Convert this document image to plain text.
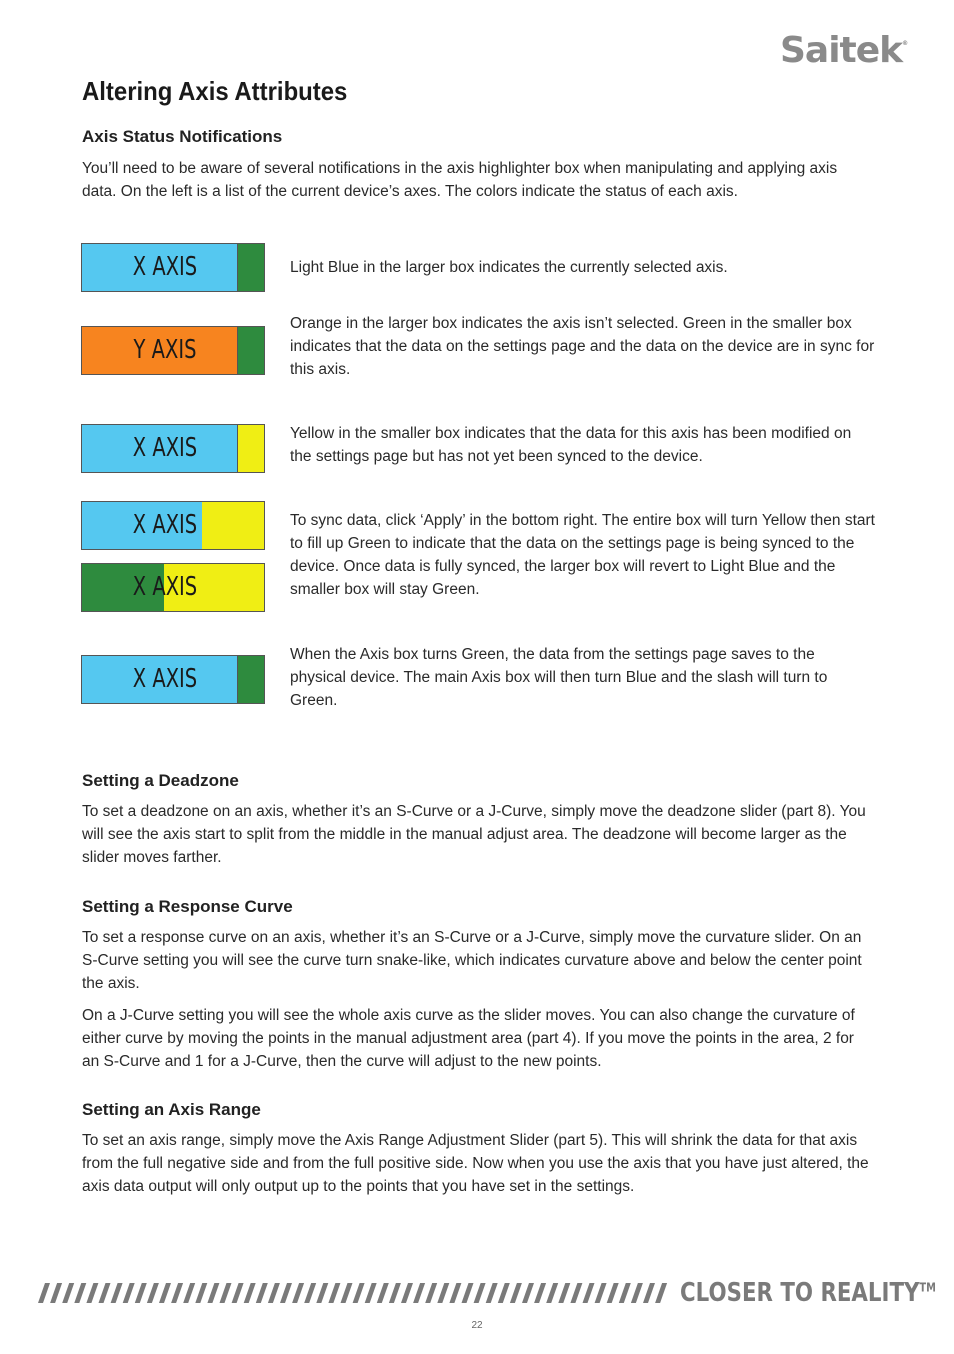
Saitek®
Altering Axis Attributes
Axis Status Notifications

You’ll need to be aware of several notifications in the axis highlighter box when manipulating and applying axis data. On the left is a list of the current device’s axes. The colors indicate the status of each axis.

X AXIS
Y AXIS
X AXIS
X AXIS
X AXIS
X AXIS

Light Blue in the larger box indicates the currently selected axis.

Orange in the larger box indicates the axis isn’t selected. Green in the smaller box indicates that the data on the settings page and the data on the device are in sync for this axis.

Yellow in the smaller box indicates that the data for this axis has been modified on the settings page but has not yet been synced to the device.

To sync data, click ‘Apply’ in the bottom right. The entire box will turn Yellow then start to fill up Green to indicate that the data on the settings page is being synced to the device. Once data is fully synced, the larger box will revert to Light Blue and the smaller box will stay Green.

When the Axis box turns Green, the data from the settings page saves to the physical device. The main Axis box will then turn Blue and the slash will turn to Green.

Setting a Deadzone

To set a deadzone on an axis, whether it’s an S-Curve or a J-Curve, simply move the deadzone slider (part 8). You will see the axis start to split from the middle in the manual adjust area. The deadzone will become larger as the slider moves farther.

Setting a Response Curve

To set a response curve on an axis, whether it’s an S-Curve or a J-Curve, simply move the curvature slider. On an S-Curve setting you will see the curve turn snake-like, which indicates curvature above and below the center point the axis.

On a J-Curve setting you will see the whole axis curve as the slider moves. You can also change the curvature of either curve by moving the points in the manual adjustment area (part 4). If you move the points in the area, 2 for an S-Curve and 1 for a J-Curve, then the curve will adjust to the new points.

Setting an Axis Range

To set an axis range, simply move the Axis Range Adjustment Slider (part 5). This will shrink the data for that axis from the full negative side and from the full positive side. Now when you use the axis that you have just altered, the axis data output will only output up to the points that you have set in the settings.

CLOSER TO REALITY™
22
